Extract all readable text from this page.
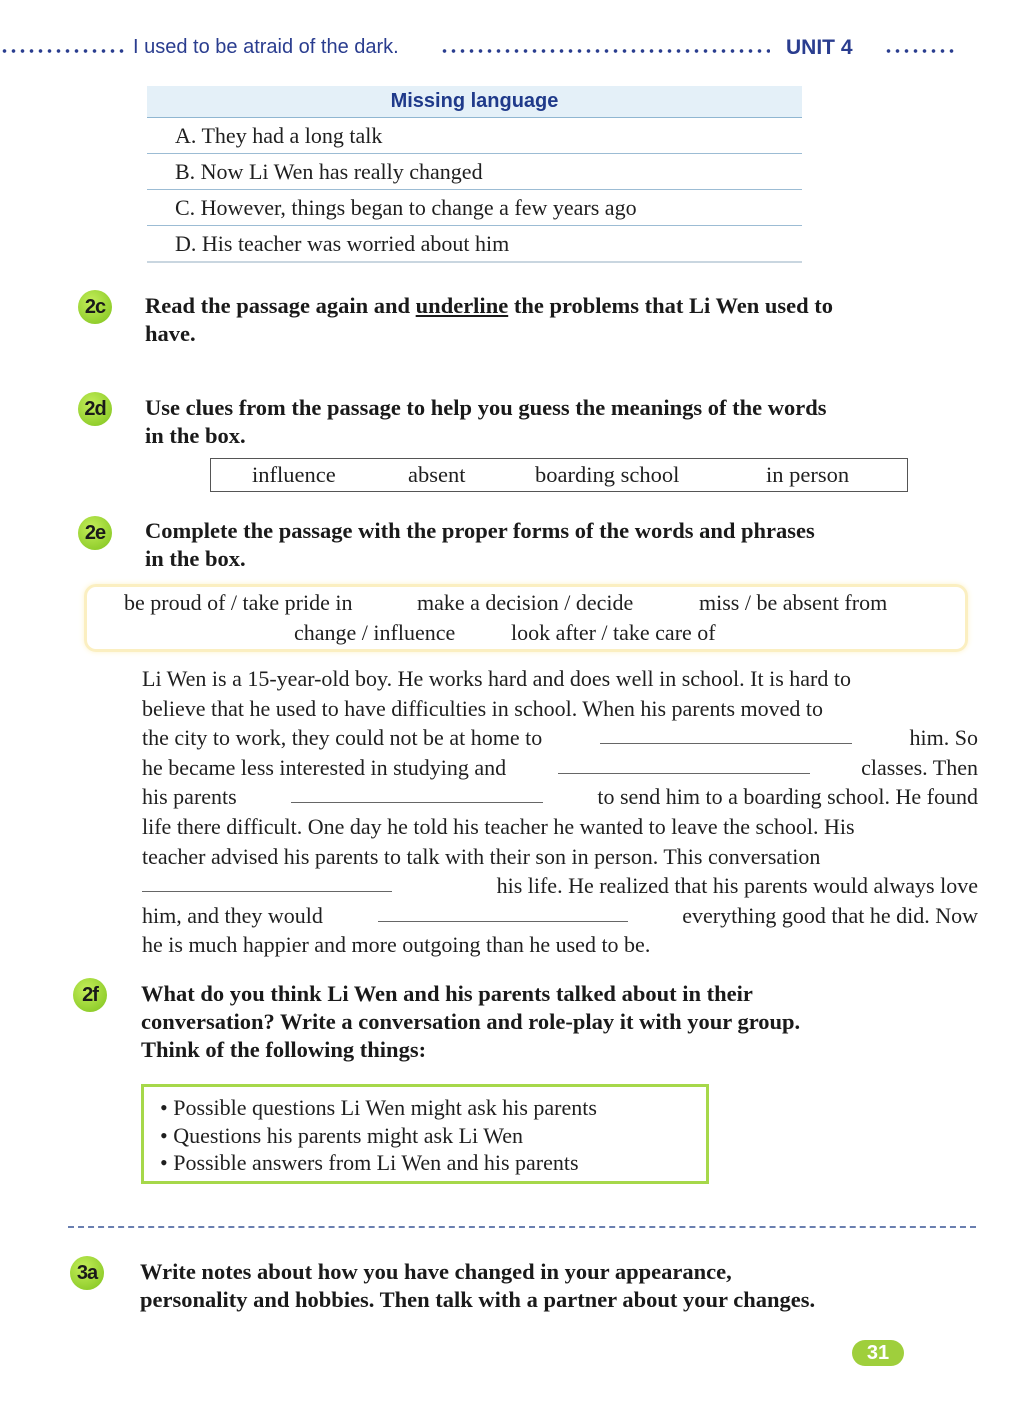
I used to be atraid of the dark.	UNIT 4
Missing language
A. They had a long talk
B. Now Li Wen has really changed
C. However, things began to change a few years ago
D. His teacher was worried about him
2c	Read the passage again and underline the problems that Li Wen used to
have.
2d Use clues from the passage to help you guess the meanings of the words
in the box.
influence	absent	boarding school	in person
2e	Complete the passage with the proper forms of the words and phrases
in the box.
be proud of / take pride in	make a decision / decide	miss / be absent from
change / influence	look after / take care of
Li Wen is a 15-year-old boy. He works hard and does well in school. It is hard to
believe that he used to have difficulties in school. When his parents moved to
the city to work, they could not be at home to	him. So
he became less interested in studying and	classes. Then
his parents	to send him to a boarding school. He found
life there difficult. One day he told his teacher he wanted to leave the school. His
teacher advised his parents to talk with their son in person. This conversation
his life. He realized that his parents would always love
him, and they would	everything good that he did. Now
he is much happier and more outgoing than he used to be.
2f	What do you think Li Wen and his parents talked about in their
conversation? Write a conversation and role-play it with your group.
Think of the following things:
• Possible questions Li Wen might ask his parents
• Questions his parents might ask Li Wen
• Possible answers from Li Wen and his parents
3a	Write notes about how you have changed in your appearance,
personality and hobbies. Then talk with a partner about your changes.
31
